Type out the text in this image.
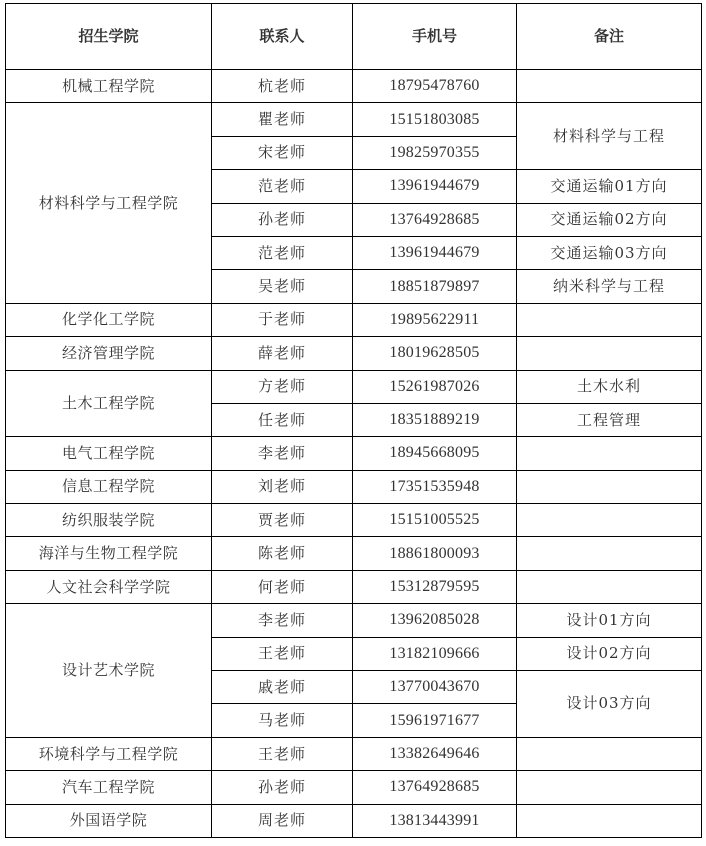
招生学院	联系人	手机号	备注
机械工程学院	杭老师	18795478760	
材料科学与工程学院	瞿老师	15151803085	材料科学与工程
	宋老师	19825970355	
	范老师	13961944679	交通运输01方向
	孙老师	13764928685	交通运输02方向
	范老师	13961944679	交通运输03方向
	吴老师	18851879897	纳米科学与工程
化学化工学院	于老师	19895622911	
经济管理学院	薛老师	18019628505	
土木工程学院	方老师	15261987026	土木水利
	任老师	18351889219	工程管理
电气工程学院	李老师	18945668095	
信息工程学院	刘老师	17351535948	
纺织服装学院	贾老师	15151005525	
海洋与生物工程学院	陈老师	18861800093	
人文社会科学学院	何老师	15312879595	
设计艺术学院	李老师	13962085028	设计01方向
	王老师	13182109666	设计02方向
	戚老师	13770043670	设计03方向
	马老师	15961971677	
环境科学与工程学院	王老师	13382649646	
汽车工程学院	孙老师	13764928685	
外国语学院	周老师	13813443991	
